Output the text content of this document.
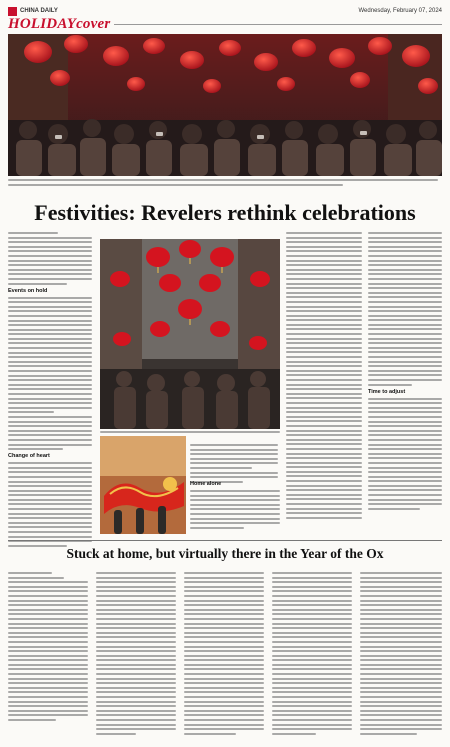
CHINA DAILY	Wednesday, February 07, 2024
HOLIDAYcover
Festivities: Revelers rethink celebrations
Events on hold
Change of heart
Time to adjust
Home alone
Stuck at home, but virtually there in the Year of the Ox
